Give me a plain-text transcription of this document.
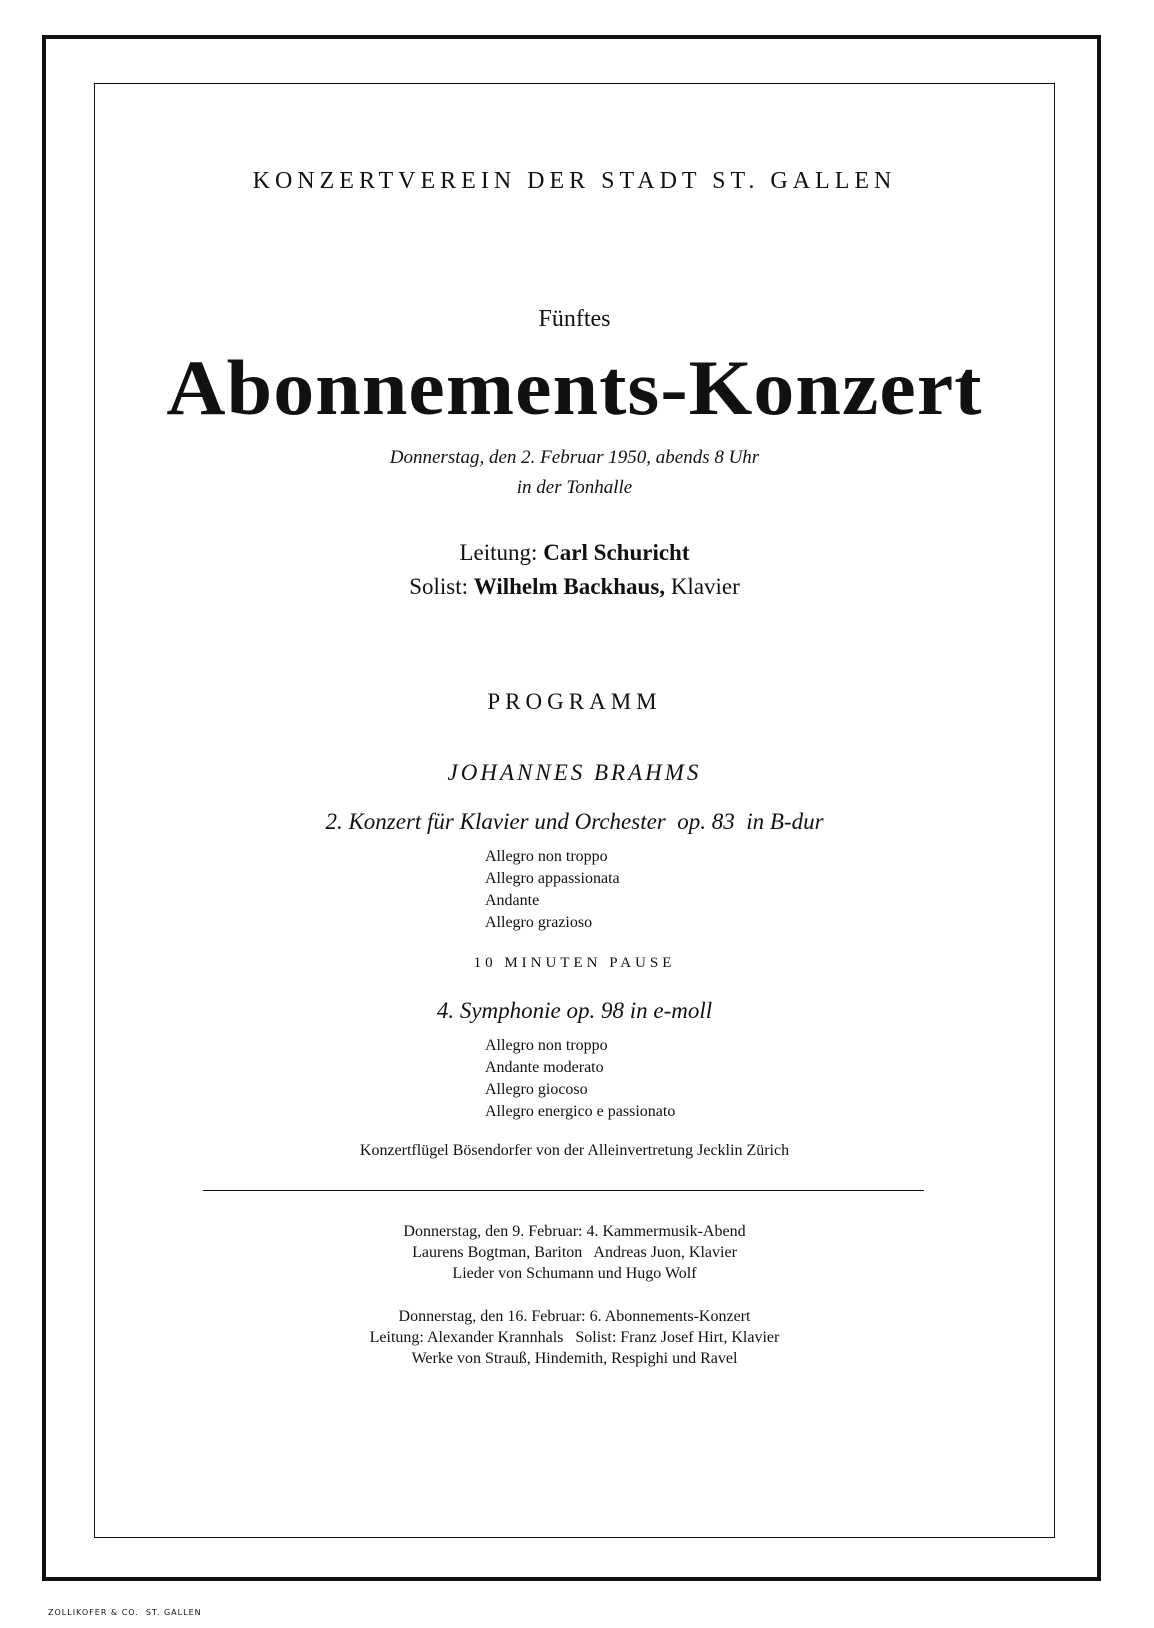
KONZERTVEREIN DER STADT ST. GALLEN
Fünftes
Abonnements-Konzert
Donnerstag, den 2. Februar 1950, abends 8 Uhr
in der Tonhalle
Leitung: Carl Schuricht
Solist: Wilhelm Backhaus, Klavier
PROGRAMM
JOHANNES BRAHMS
2. Konzert für Klavier und Orchester  op. 83  in B-dur
Allegro non troppo
Allegro appassionata
Andante
Allegro grazioso
10 MINUTEN PAUSE
4. Symphonie op. 98 in e-moll
Allegro non troppo
Andante moderato
Allegro giocoso
Allegro energico e passionato
Konzertflügel Bösendorfer von der Alleinvertretung Jecklin Zürich
Donnerstag, den 9. Februar: 4. Kammermusik-Abend
Laurens Bogtman, Bariton   Andreas Juon, Klavier
Lieder von Schumann und Hugo Wolf
Donnerstag, den 16. Februar: 6. Abonnements-Konzert
Leitung: Alexander Krannhals   Solist: Franz Josef Hirt, Klavier
Werke von Strauß, Hindemith, Respighi und Ravel
ZOLLIKOFER & CO.  ST. GALLEN
